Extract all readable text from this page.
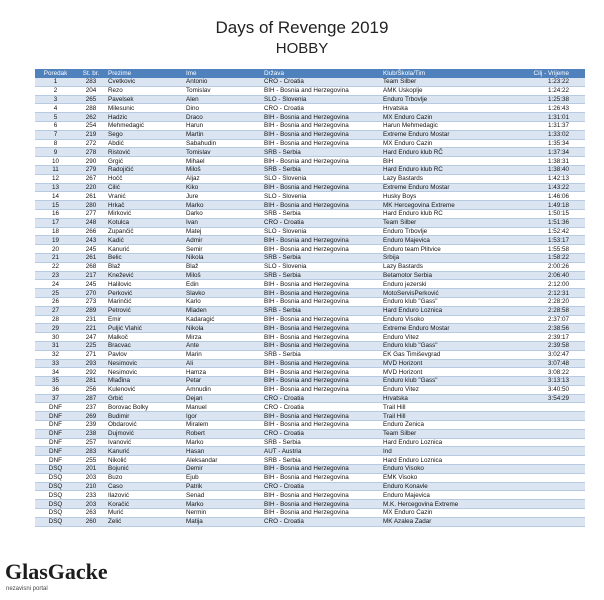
Days of Revenge 2019
HOBBY
Poredak	St. br.	Prezime	Ime	Država	Klub/Škola/Tim	Cilj - Vrijeme
1	283	Cvetkovic	Antonio	CRO - Croatia	Team Silber	1:23:22
2	204	Rezo	Tomislav	BIH - Bosnia and Herzegovina	AMK Uskoplje	1:24:22
3	265	Pavelsek	Alen	SLO - Slovenia	Enduro Trbovlje	1:25:38
4	288	Milesunic	Dino	CRO - Croatia	Hrvatska	1:26:43
5	262	Hadzic	Draco	BIH - Bosnia and Herzegovina	MX Enduro Cazin	1:31:01
6	254	Mehmedagić	Harun	BIH - Bosnia and Herzegovina	Harun Mehmedagic	1:31:37
7	219	Šego	Martin	BIH - Bosnia and Herzegovina	Extreme Enduro Mostar	1:33:02
8	272	Abdić	Sabahudin	BIH - Bosnia and Herzegovina	MX Enduro Cazin	1:35:34
9	278	Ristović	Tomislav	SRB - Serbia	Hard Enduro klub RČ	1:37:34
10	290	Grgić	Mihael	BIH - Bosnia and Herzegovina	BiH	1:38:31
11	279	Radojičić	Miloš	SRB - Serbia	Hard Enduro klub RČ	1:38:40
12	267	Hočč	Aljaz	SLO - Slovenia	Lazy Bastards	1:42:13
13	220	Čilić	Kiko	BIH - Bosnia and Herzegovina	Extreme Enduro Mostar	1:43:22
14	261	Vranić	Jure	SLO - Slovenia	Husky Boys	1:46:06
15	280	Hrkač	Marko	BIH - Bosnia and Herzegovina	MK Hercegovina Extreme	1:49:18
16	277	Mirković	Darko	SRB - Serbia	Hard Enduro klub RČ	1:50:15
17	248	Kotulca	Ivan	CRO - Croatia	Team Silber	1:51:36
18	266	Zupančič	Matej	SLO - Slovenia	Enduro Trbovlje	1:52:42
19	243	Kadić	Admir	BIH - Bosnia and Herzegovina	Enduro Majevica	1:53:17
20	245	Kanurić	Semir	BIH - Bosnia and Herzegovina	Enduro team Plitvice	1:55:58
21	261	Belic	Nikola	SRB - Serbia	Srbija	1:58:22
22	268	Blaž	Blaž	SLO - Slovenia	Lazy Bastards	2:00:26
23	217	Knežević	Miloš	SRB - Serbia	Betamotor Serbia	2:06:40
24	245	Halilovic	Edin	BIH - Bosnia and Herzegovina	Enduro jezerski	2:12:00
25	270	Perković	Slavko	BIH - Bosnia and Herzegovina	MotoServisPerković	2:12:31
26	273	Marinčić	Karlo	BIH - Bosnia and Herzegovina	Enduro klub "Gass"	2:28:20
27	289	Petrović	Mladen	SRB - Serbia	Hard Enduro Loznica	2:28:58
28	231	Emir	Kadaragić	BIH - Bosnia and Herzegovina	Enduro Visoko	2:37:07
29	221	Puljić Vlahić	Nikola	BIH - Bosnia and Herzegovina	Extreme Enduro Mostar	2:38:56
30	247	Malkoč	Mirza	BIH - Bosnia and Herzegovina	Enduro Vitez	2:39:17
31	225	Bracvac	Ante	BIH - Bosnia and Herzegovina	Enduro klub "Gass"	2:39:58
32	271	Pavlov	Marin	SRB - Serbia	EK Gas Timiševgrad	3:02:47
33	293	Nesimovic	Ali	BIH - Bosnia and Herzegovina	MVD Horizont	3:07:48
34	292	Nesimovic	Hamza	BIH - Bosnia and Herzegovina	MVD Horizont	3:08:22
35	281	Mlađina	Petar	BIH - Bosnia and Herzegovina	Enduro klub "Gass"	3:13:13
36	256	Kulenović	Amnudin	BIH - Bosnia and Herzegovina	Enduro Vitez	3:40:50
37	287	Grbić	Dejan	CRO - Croatia	Hrvatska	3:54:29
DNF	237	Borovac Bolky	Manuel	CRO - Croatia	Trail Hill	
DNF	269	Budimir	Igor	BIH - Bosnia and Herzegovina	Trail Hill	
DNF	239	Obdarović	Miralem	BIH - Bosnia and Herzegovina	Enduro Zenica	
DNF	238	Dujmović	Robert	CRO - Croatia	Team Silber	
DNF	257	Ivanović	Marko	SRB - Serbia	Hard Enduro Loznica	
DNF	283	Kanurić	Hasan	AUT - Austria	Ind	
DNF	255	Nikolić	Aleksandar	SRB - Serbia	Hard Enduro Loznica	
DSQ	201	Bojunić	Demir	BIH - Bosnia and Herzegovina	Enduro Visoko	
DSQ	203	Buzo	Ejub	BIH - Bosnia and Herzegovina	EMK Visoko	
DSQ	210	Časo	Patrik	CRO - Croatia	Enduro Konavle	
DSQ	233	Ilazović	Senad	BIH - Bosnia and Herzegovina	Enduro Majevica	
DSQ	203	Koračić	Marko	BIH - Bosnia and Herzegovina	M.K. Hercegovina Extreme	
DSQ	263	Murić	Nermin	BIH - Bosnia and Herzegovina	MX Enduro Cazin	
DSQ	260	Zelić	Matija	CRO - Croatia	MK Azalea Zadar	
GlasGacke
nezavisni portal
